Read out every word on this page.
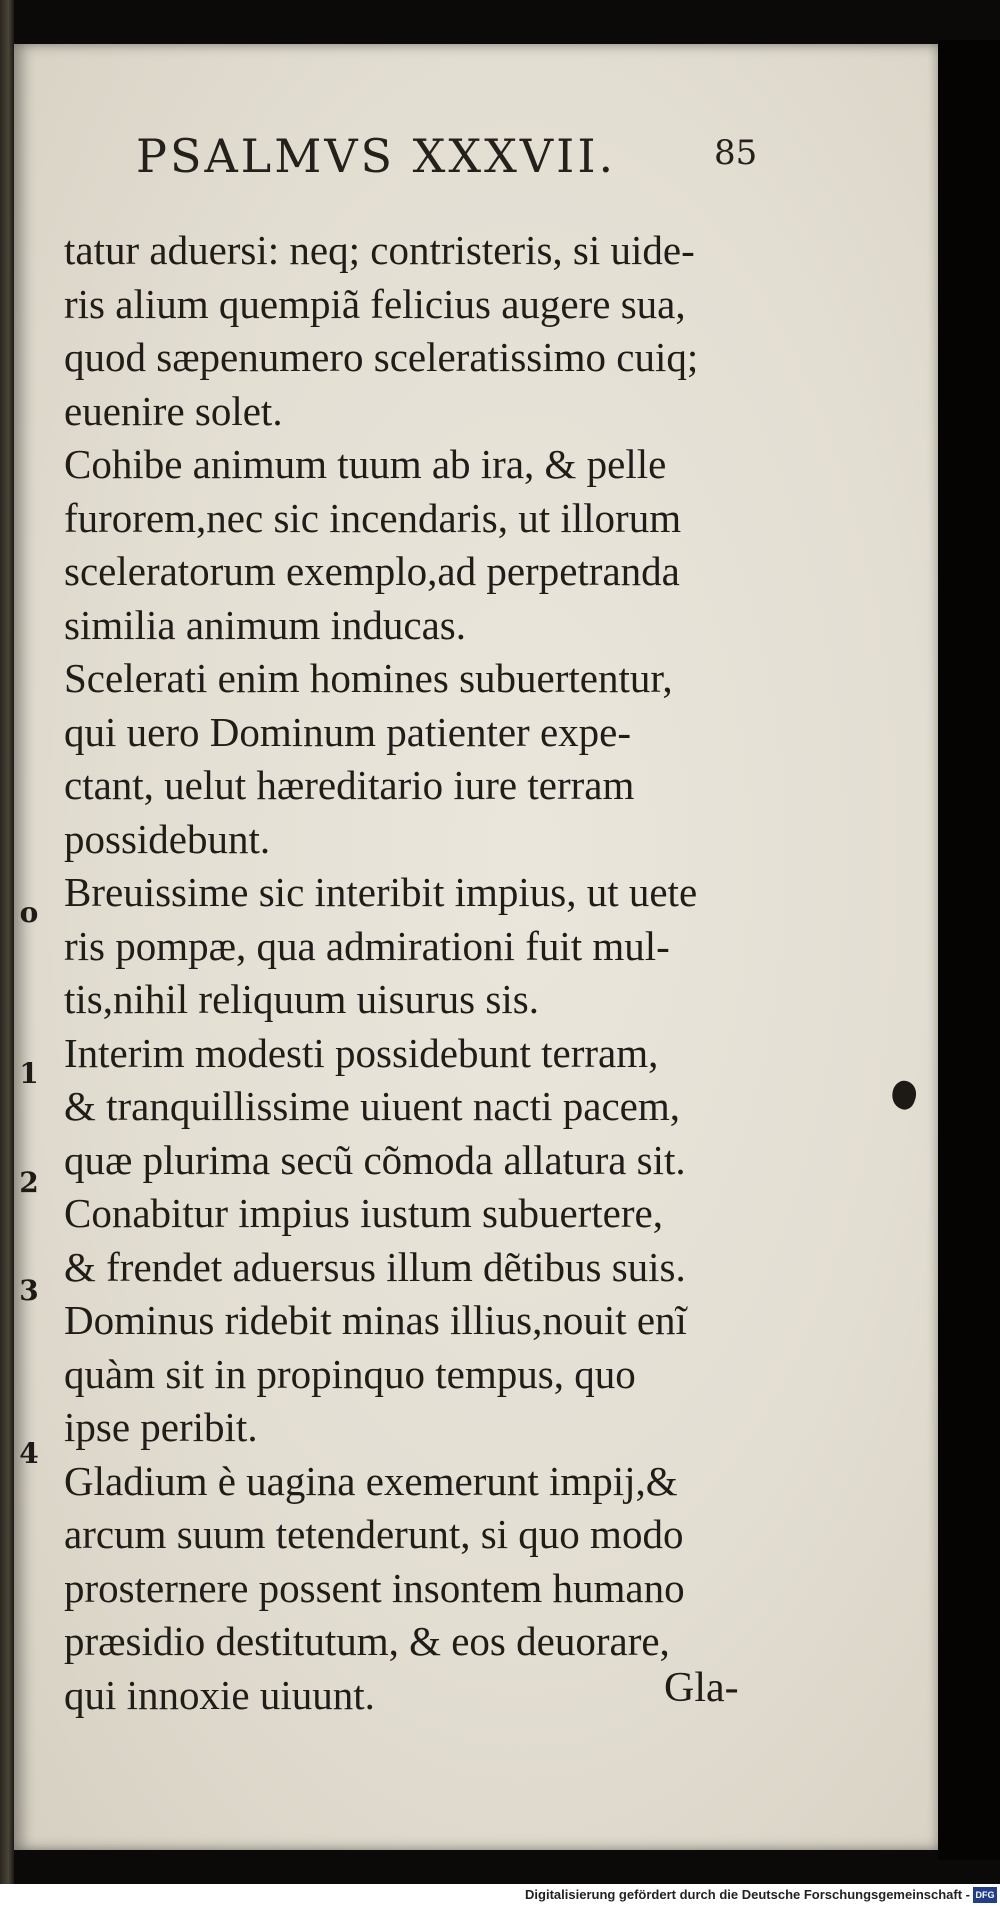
PSALMVS XXXVII.	85
o
1
2
3
4
tatur aduersi: neq; contristeris, si uide-
ris alium quempiã felicius augere sua,
quod sæpenumero sceleratissimo cuiq;
euenire solet.
Cohibe animum tuum ab ira, & pelle
furorem,nec sic incendaris, ut illorum
sceleratorum exemplo,ad perpetranda
similia animum inducas.
Scelerati enim homines subuertentur,
qui uero Dominum patienter expe-
ctant, uelut hæreditario iure terram
possidebunt.
Breuissime sic interibit impius, ut uete
ris pompæ, qua admirationi fuit mul-
tis,nihil reliquum uisurus sis.
Interim modesti possidebunt terram,
& tranquillissime uiuent nacti pacem,
quæ plurima secũ cõmoda allatura sit.
Conabitur impius iustum subuertere,
& frendet aduersus illum dẽtibus suis.
Dominus ridebit minas illius,nouit enĩ
quàm sit in propinquo tempus, quo
ipse peribit.
Gladium è uagina exemerunt impij,&
arcum suum tetenderunt, si quo modo
prosternere possent insontem humano
præsidio destitutum, & eos deuorare,
qui innoxie uiuunt.	Gla-
Digitalisierung gefördert durch die Deutsche Forschungsgemeinschaft - DFG
